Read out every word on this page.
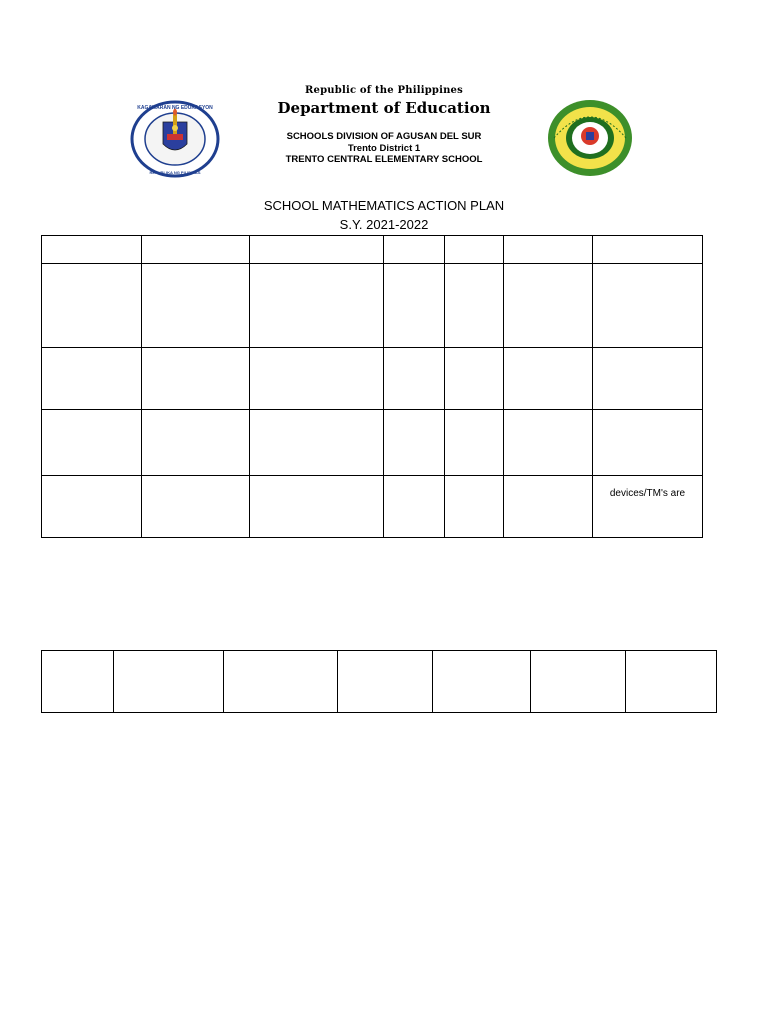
Republic of the Philippines
Department of Education
SCHOOLS DIVISION OF AGUSAN DEL SUR
Trento District 1
TRENTO CENTRAL ELEMENTARY SCHOOL
KAGAWARAN NG EDUKASYON
REPUBLIKA NG PILIPINAS
SCHOOL MATHEMATICS ACTION PLAN
S.Y. 2021-2022

						devices/TM's are
